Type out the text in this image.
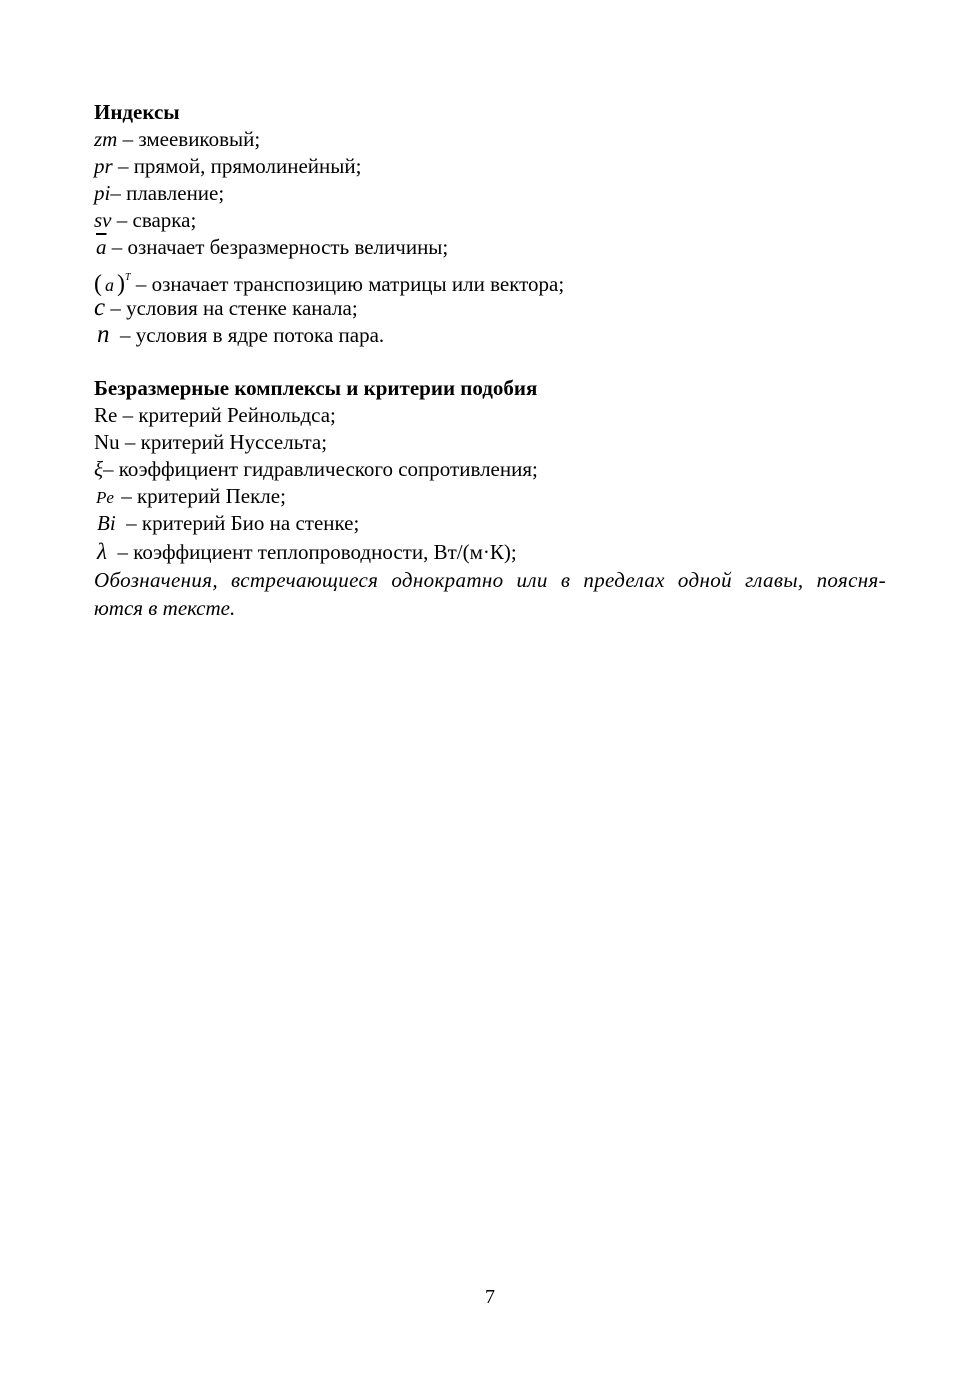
Индексы
zm – змеевиковый;
pr – прямой, прямолинейный;
pi– плавление;
sv – сварка;
$\overline{a}$ – означает безразмерность величины;
( a )$^T$ – означает транспозицию матрицы или вектора;
c – условия на стенке канала;
n  – условия в ядре потока пара.
Безразмерные комплексы и критерии подобия
Re – критерий Рейнольдса;
Nu – критерий Нуссельта;
ξ– коэффициент гидравлического сопротивления;
Pe – критерий Пекле;
Bi  – критерий Био на стенке;
λ  – коэффициент теплопроводности, Вт/(м·К);
Обозначения, встречающиеся однократно или в пределах одной главы, поясня-
ются в тексте.
7
